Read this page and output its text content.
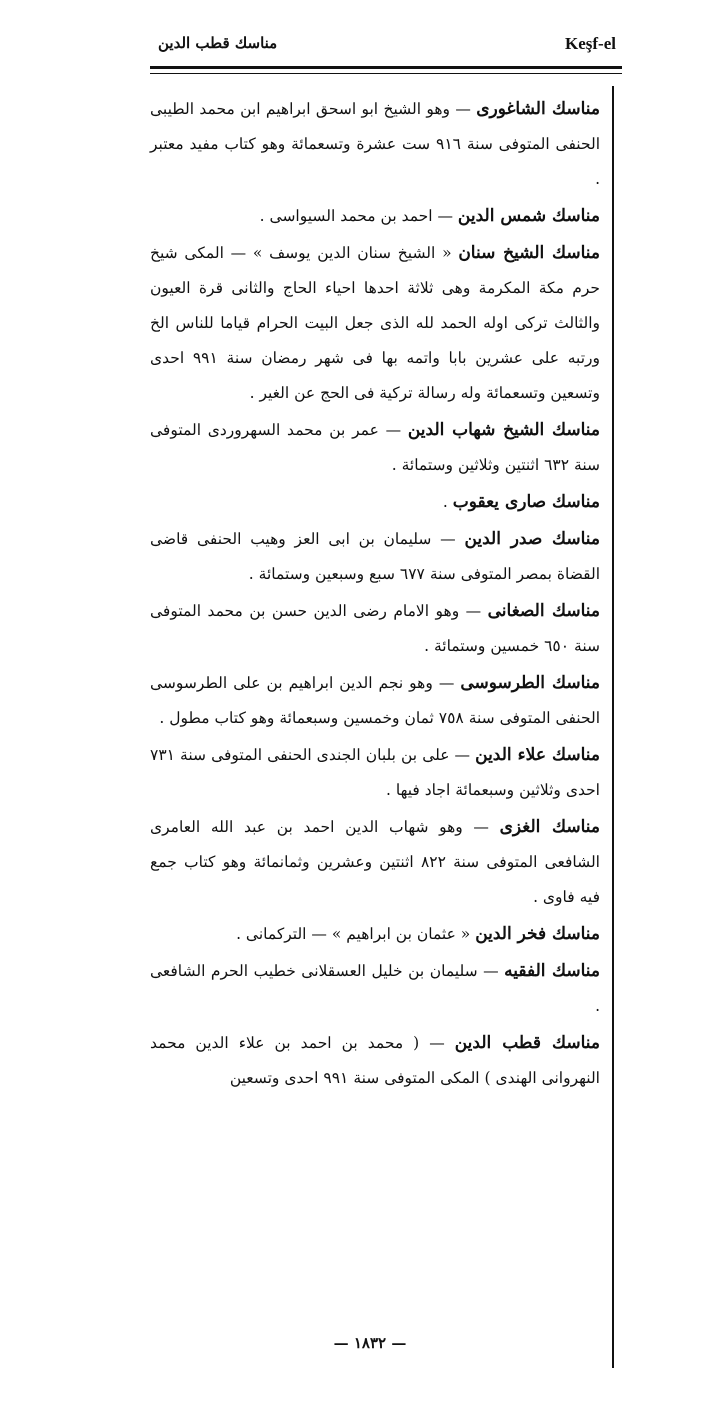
Keşf-el
مناسك قطب الدين

مناسك الشاغوری — وهو الشيخ ابو اسحق ابراهيم ابن محمد الطيبی الحنفی المتوفی سنة ٩١٦ ست عشرة وتسعمائة وهو كتاب مفيد معتبر .

مناسك شمس الدين — احمد بن محمد السيواسی .

مناسك الشيخ سنان « الشيخ سنان الدين يوسف » — المكی شيخ حرم مكة المكرمة وهی ثلاثة احدها احياء الحاج والثانی قرة العيون والثالث تركی اوله الحمد لله الذی جعل البيت الحرام قياما للناس الخ ورتبه علی عشرين بابا واتمه بها فی شهر رمضان سنة ٩٩١ احدی وتسعين وتسعمائة وله رسالة تركية فی الحج عن الغير .

مناسك الشيخ شهاب الدين — عمر بن محمد السهروردی المتوفی سنة ٦٣٢ اثنتين وثلاثين وستمائة .

مناسك صاری يعقوب .

مناسك صدر الدين — سليمان بن ابی العز وهيب الحنفی قاضی القضاة بمصر المتوفی سنة ٦٧٧ سبع وسبعين وستمائة .

مناسك الصغانی — وهو الامام رضی الدين حسن بن محمد المتوفی سنة ٦٥٠ خمسين وستمائة .

مناسك الطرسوسی — وهو نجم الدين ابراهيم بن علی الطرسوسی الحنفی المتوفی سنة ٧٥٨ ثمان وخمسين وسبعمائة وهو كتاب مطول .

مناسك علاء الدين — علی بن بلبان الجندی الحنفی المتوفی سنة ٧٣١ احدی وثلاثين وسبعمائة اجاد فيها .

مناسك الغزی — وهو شهاب الدين احمد بن عبد الله العامری الشافعی المتوفی سنة ٨٢٢ اثنتين وعشرين وثمانمائة وهو كتاب جمع فيه فاوی .

مناسك فخر الدين « عثمان بن ابراهيم » — التركمانی .

مناسك الفقيه — سليمان بن خليل العسقلانی خطيب الحرم الشافعی .

مناسك قطب الدين — ( محمد بن احمد بن علاء الدين محمد النهروانی الهندی ) المكی المتوفی سنة ٩٩١ احدی وتسعين

— ١٨٣٢ —
